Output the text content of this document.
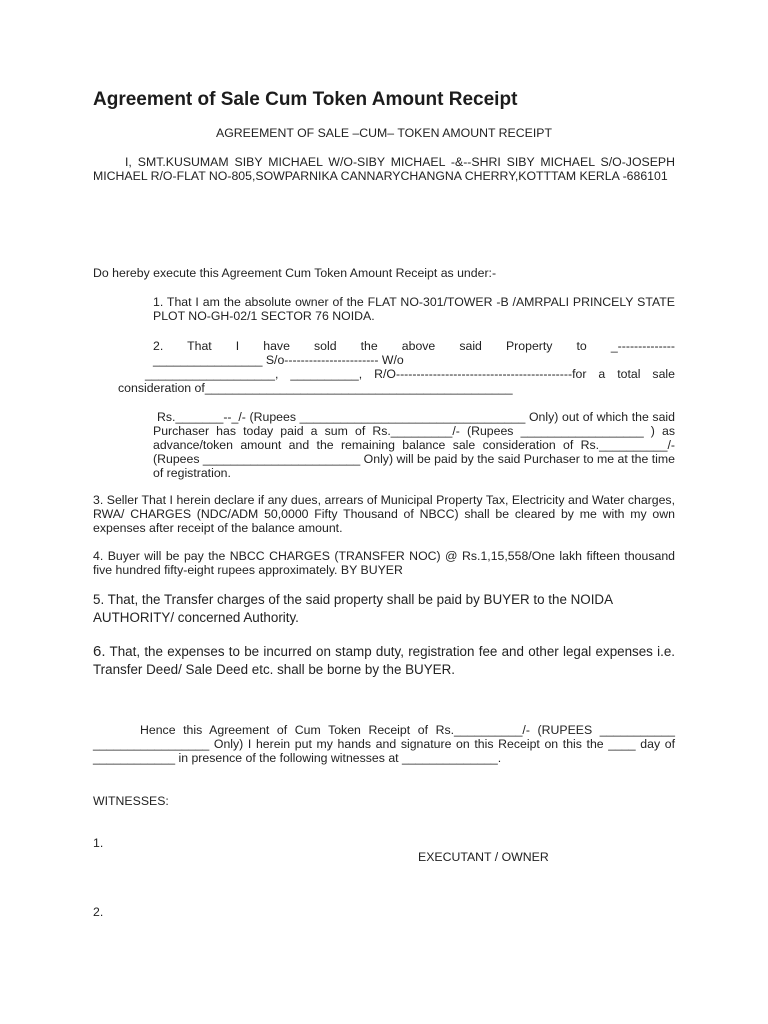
Agreement of Sale Cum Token Amount Receipt
AGREEMENT OF SALE –CUM– TOKEN AMOUNT RECEIPT

I, SMT.KUSUMAM SIBY MICHAEL W/O-SIBY MICHAEL -&--SHRI SIBY MICHAEL S/O-JOSEPH MICHAEL R/O-FLAT NO-805,SOWPARNIKA CANNARYCHANGNA CHERRY,KOTTTAM KERLA -686101

Do hereby execute this Agreement Cum Token Amount Receipt as under:-

1. That I am the absolute owner of the FLAT NO-301/TOWER -B /AMRPALI PRINCELY STATE PLOT NO-GH-02/1 SECTOR 76 NOIDA.

2. That I have sold the above said Property to _--------------
________________ S/o----------------------- W/o
___________________, __________, R/O-------------------------------------------for a total sale
consideration of_____________________________________________

Rs._______--_/- (Rupees _________________________________ Only) out of which the said Purchaser has today paid a sum of Rs._________/- (Rupees __________________ ) as advance/token amount and the remaining balance sale consideration of Rs.__________/- (Rupees _______________________ Only) will be paid by the said Purchaser to me at the time of registration.

3. Seller That I herein declare if any dues, arrears of Municipal Property Tax, Electricity and Water charges, RWA/ CHARGES (NDC/ADM 50,0000 Fifty Thousand of NBCC) shall be cleared by me with my own expenses after receipt of the balance amount.

4. Buyer will be pay the NBCC CHARGES (TRANSFER NOC) @ Rs.1,15,558/One lakh fifteen thousand five hundred fifty-eight rupees approximately. BY BUYER

5. That, the Transfer charges of the said property shall be paid by BUYER to the NOIDA AUTHORITY/ concerned Authority.

6. That, the expenses to be incurred on stamp duty, registration fee and other legal expenses i.e. Transfer Deed/ Sale Deed etc. shall be borne by the BUYER.

Hence this Agreement of Cum Token Receipt of Rs.__________/- (RUPEES ___________ _________________ Only) I herein put my hands and signature on this Receipt on this the ____ day of ____________ in presence of the following witnesses at ______________.

WITNESSES:
1.
EXECUTANT / OWNER
2.
